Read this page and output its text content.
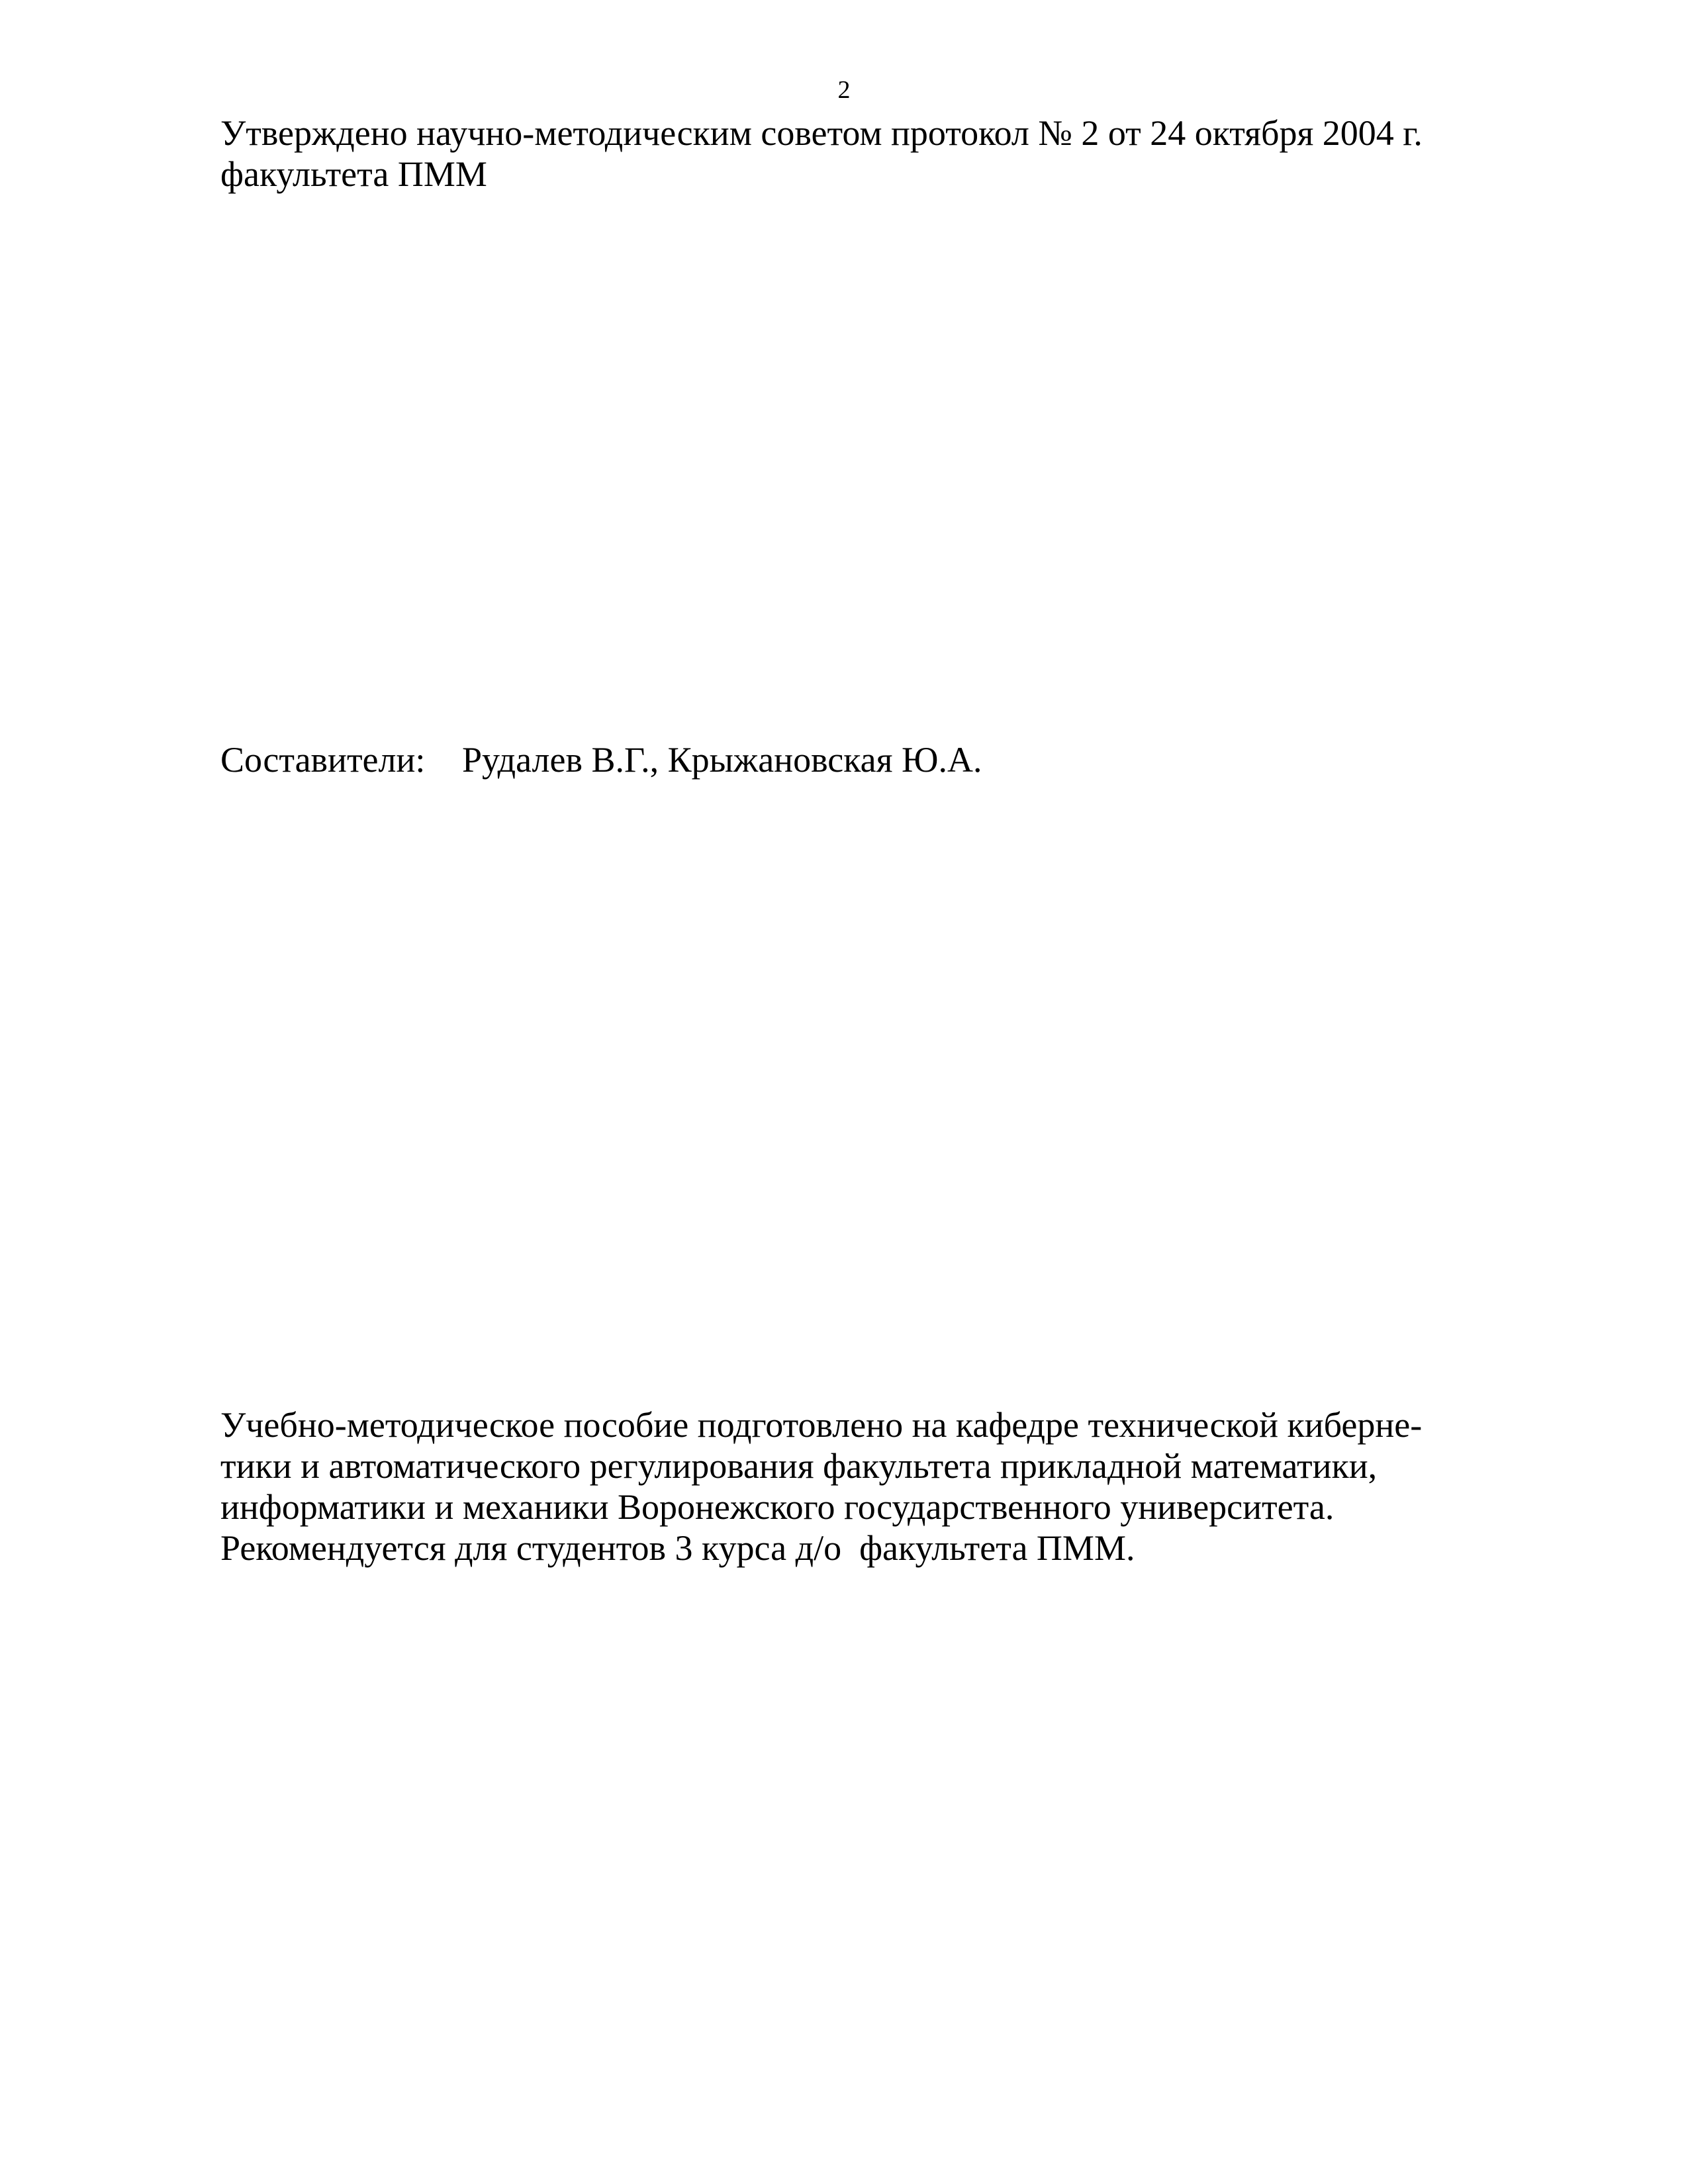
2
Утверждено научно-методическим советом протокол № 2 от 24 октября 2004 г.
факультета ПММ
Составители: Рудалев В.Г., Крыжановская Ю.А.
Учебно-методическое пособие подготовлено на кафедре технической киберне-
тики и автоматического регулирования факультета прикладной математики,
информатики и механики Воронежского государственного университета.
Рекомендуется для студентов 3 курса д/о  факультета ПММ.
